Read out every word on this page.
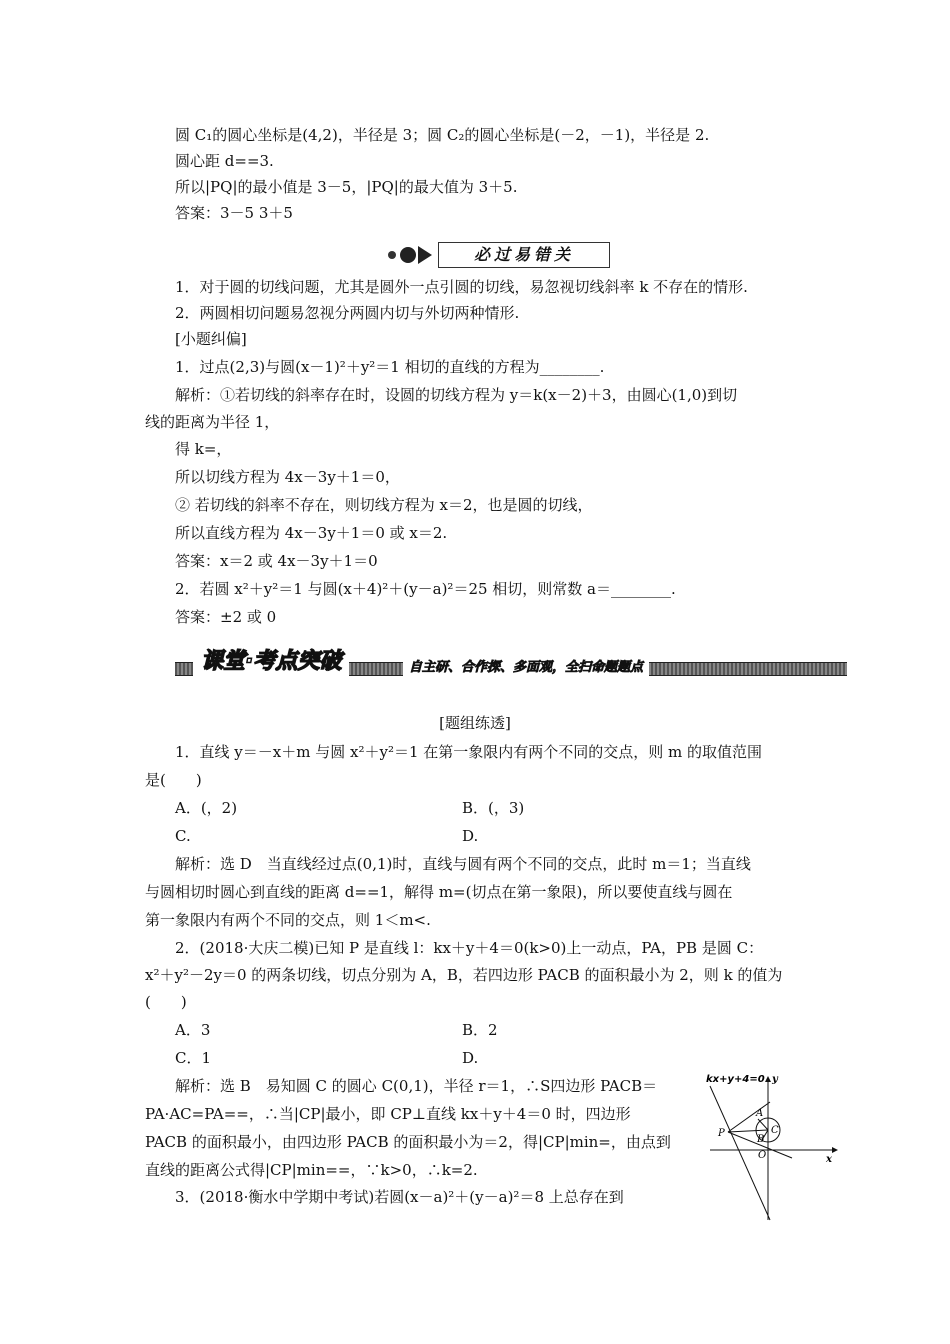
圆 C₁的圆心坐标是(4,2)，半径是 3；圆 C₂的圆心坐标是(－2，－1)，半径是 2.
圆心距 d==3.
所以|PQ|的最小值是 3－5，|PQ|的最大值为 3＋5.
答案：3－5 3＋5
必过易错关
1．对于圆的切线问题，尤其是圆外一点引圆的切线，易忽视切线斜率 k 不存在的情形.
2．两圆相切问题易忽视分两圆内切与外切两种情形.
[小题纠偏]
1．过点(2,3)与圆(x－1)²＋y²＝1 相切的直线的方程为________.
解析：①若切线的斜率存在时，设圆的切线方程为 y＝k(x－2)＋3，由圆心(1,0)到切
线的距离为半径 1，
得 k=，
所以切线方程为 4x－3y＋1＝0，
② 若切线的斜率不存在，则切线方程为 x＝2，也是圆的切线，
所以直线方程为 4x－3y＋1＝0 或 x＝2.
答案：x＝2 或 4x－3y＋1＝0
2．若圆 x²＋y²＝1 与圆(x＋4)²＋(y－a)²＝25 相切，则常数 a＝________.
答案：±2 或 0
课堂·考点突破	自主研、合作探、多面观，全扫命题题点
[题组练透]
1．直线 y＝－x＋m 与圆 x²＋y²＝1 在第一象限内有两个不同的交点，则 m 的取值范围
是(　　)
A．(，2)	B．(，3)
C.	D.
解析：选 D　当直线经过点(0,1)时，直线与圆有两个不同的交点，此时 m＝1；当直线
与圆相切时圆心到直线的距离 d==1，解得 m=(切点在第一象限)，所以要使直线与圆在
第一象限内有两个不同的交点，则 1＜m<.
2．(2018·大庆二模)已知 P 是直线 l：kx＋y＋4＝0(k>0)上一动点，PA，PB 是圆 C：
x²＋y²－2y＝0 的两条切线，切点分别为 A，B，若四边形 PACB 的面积最小为 2，则 k 的值为
(　　)
A．3	B．2
C．1	D.
解析：选 B　易知圆 C 的圆心 C(0,1)，半径 r＝1，∴S四边形 PACB＝
PA·AC=PA==，∴当|CP|最小，即 CP⊥直线 kx＋y＋4＝0 时，四边形
PACB 的面积最小，由四边形 PACB 的面积最小为＝2，得|CP|min=，由点到
直线的距离公式得|CP|min==，∵k>0，∴k=2.
3．(2018·衡水中学期中考试)若圆(x－a)²＋(y－a)²＝8 上总存在到
kx+y+4=0 y
x
A
B
C
P
O
